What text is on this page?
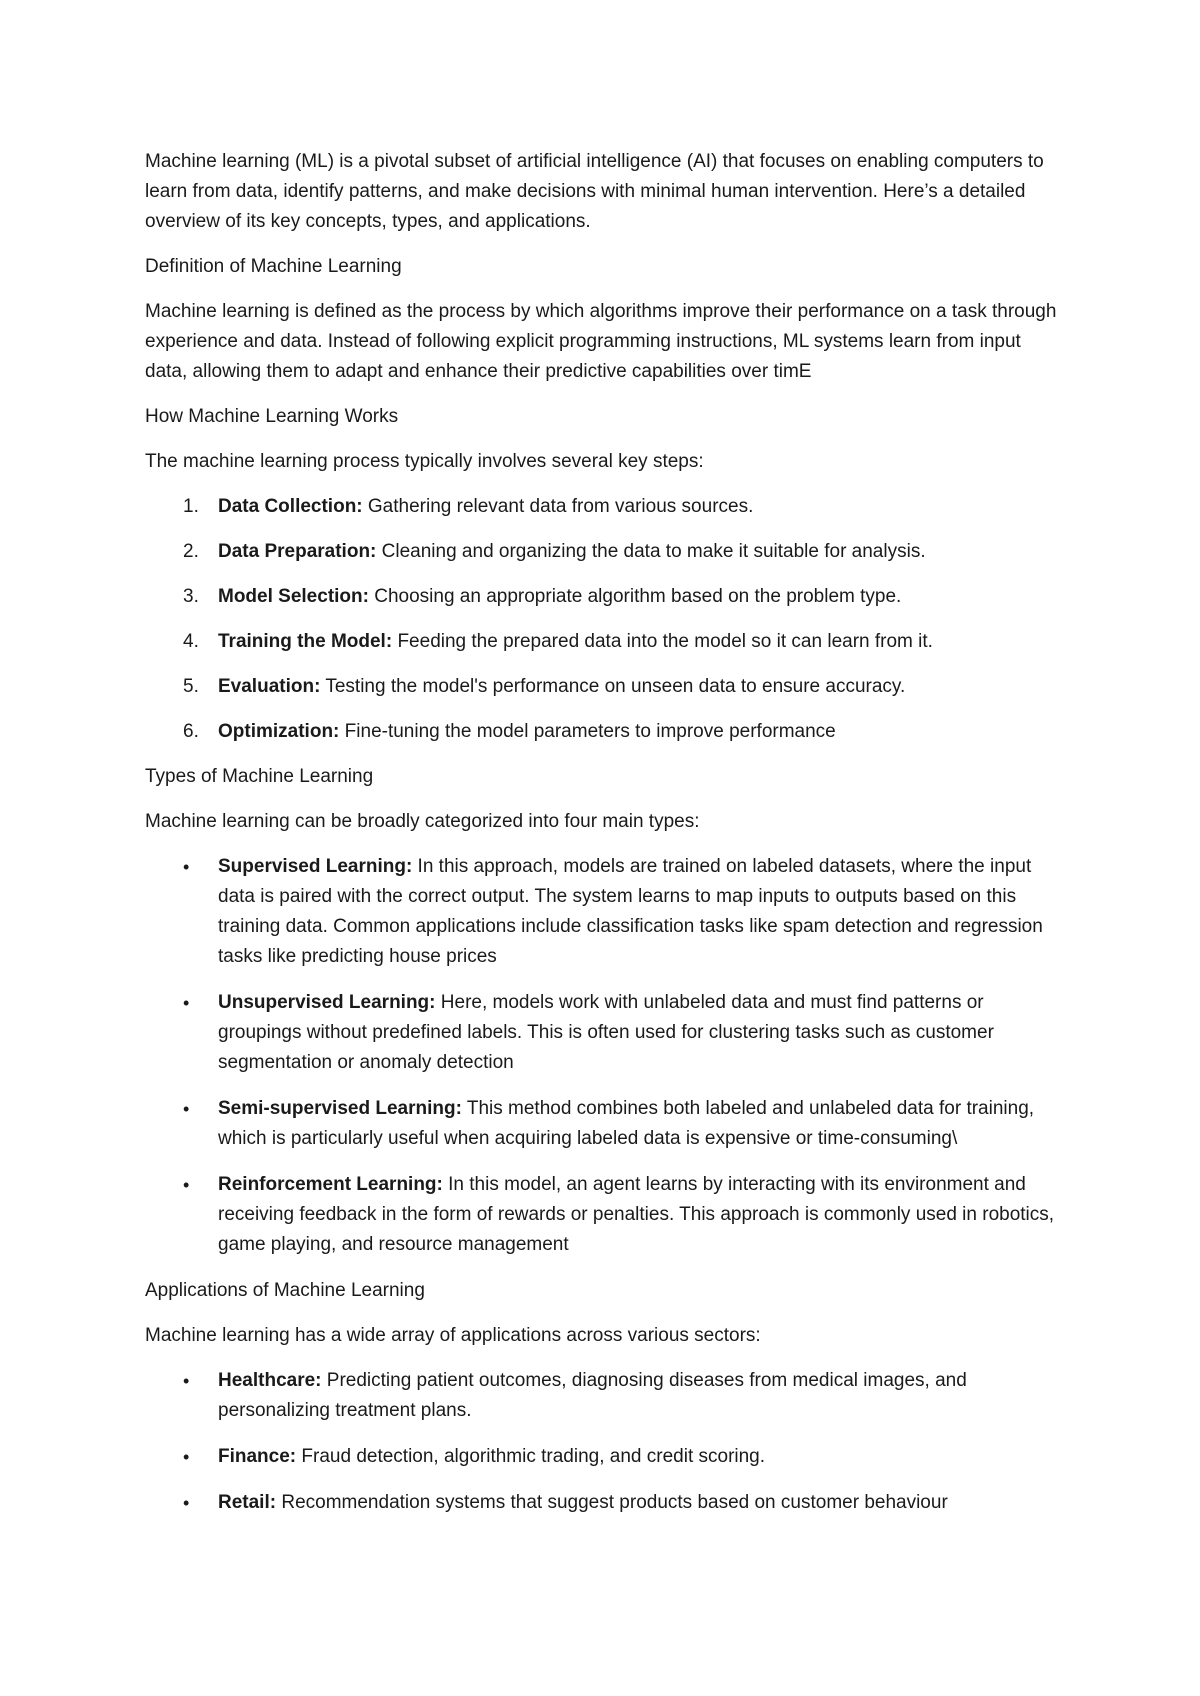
Machine learning (ML) is a pivotal subset of artificial intelligence (AI) that focuses on enabling computers to learn from data, identify patterns, and make decisions with minimal human intervention. Here’s a detailed overview of its key concepts, types, and applications.

Definition of Machine Learning

Machine learning is defined as the process by which algorithms improve their performance on a task through experience and data. Instead of following explicit programming instructions, ML systems learn from input data, allowing them to adapt and enhance their predictive capabilities over timE

How Machine Learning Works

The machine learning process typically involves several key steps:

1. Data Collection: Gathering relevant data from various sources.
2. Data Preparation: Cleaning and organizing the data to make it suitable for analysis.
3. Model Selection: Choosing an appropriate algorithm based on the problem type.
4. Training the Model: Feeding the prepared data into the model so it can learn from it.
5. Evaluation: Testing the model's performance on unseen data to ensure accuracy.
6. Optimization: Fine-tuning the model parameters to improve performance

Types of Machine Learning

Machine learning can be broadly categorized into four main types:

• Supervised Learning: In this approach, models are trained on labeled datasets, where the input data is paired with the correct output. The system learns to map inputs to outputs based on this training data. Common applications include classification tasks like spam detection and regression tasks like predicting house prices
• Unsupervised Learning: Here, models work with unlabeled data and must find patterns or groupings without predefined labels. This is often used for clustering tasks such as customer segmentation or anomaly detection
• Semi-supervised Learning: This method combines both labeled and unlabeled data for training, which is particularly useful when acquiring labeled data is expensive or time-consuming\
• Reinforcement Learning: In this model, an agent learns by interacting with its environment and receiving feedback in the form of rewards or penalties. This approach is commonly used in robotics, game playing, and resource management

Applications of Machine Learning

Machine learning has a wide array of applications across various sectors:

• Healthcare: Predicting patient outcomes, diagnosing diseases from medical images, and personalizing treatment plans.
• Finance: Fraud detection, algorithmic trading, and credit scoring.
• Retail: Recommendation systems that suggest products based on customer behaviour
